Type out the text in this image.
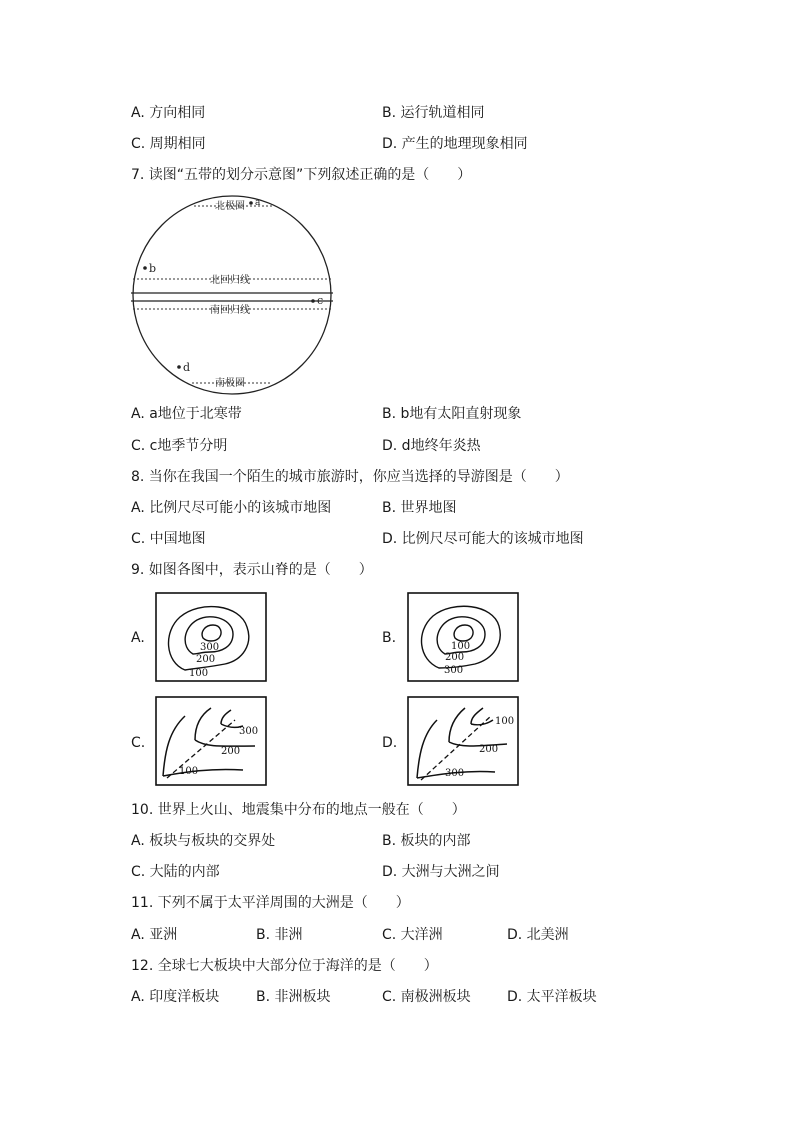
A. 方向相同	B. 运行轨道相同
C. 周期相同	D. 产生的地理现象相同
7. 读图“五带的划分示意图”下列叙述正确的是（　　）
北极圈 a
北回归线
南回归线
南极圈
b
c
d
A. a地位于北寒带	B. b地有太阳直射现象
C. c地季节分明	D. d地终年炎热
8. 当你在我国一个陌生的城市旅游时，你应当选择的导游图是（　　）
A. 比例尺尽可能小的该城市地图	B. 世界地图
C. 中国地图	D. 比例尺尽可能大的该城市地图
9. 如图各图中，表示山脊的是（　　）
A.
300
200
100
B.
100
200
300
C.
300
200
100
D.
100
200
300
10. 世界上火山、地震集中分布的地点一般在（　　）
A. 板块与板块的交界处	B. 板块的内部
C. 大陆的内部	D. 大洲与大洲之间
11. 下列不属于太平洋周围的大洲是（　　）
A. 亚洲	B. 非洲	C. 大洋洲	D. 北美洲
12. 全球七大板块中大部分位于海洋的是（　　）
A. 印度洋板块	B. 非洲板块	C. 南极洲板块	D. 太平洋板块
